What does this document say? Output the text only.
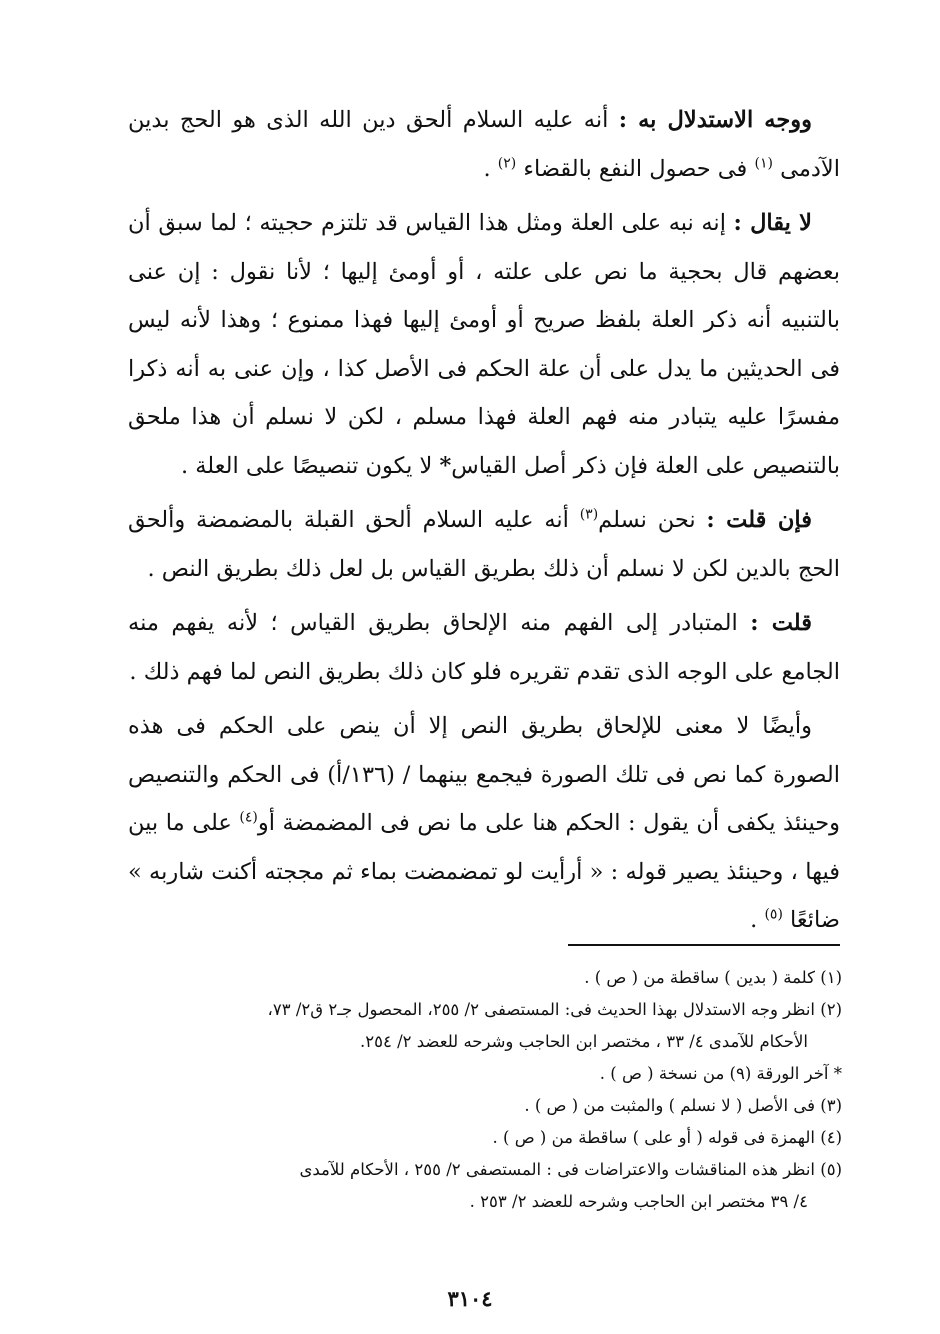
ووجه الاستدلال به : أنه عليه السلام ألحق دين الله الذى هو الحج بدين الآدمى $^{(١)}$ فى حصول النفع بالقضاء $^{(٢)}$ .

لا يقال : إنه نبه على العلة ومثل هذا القياس قد تلتزم حجيته ؛ لما سبق أن بعضهم قال بحجية ما نص على علته ، أو أومئ إليها ؛ لأنا نقول : إن عنى بالتنبيه أنه ذكر العلة بلفظ صريح أو أومئ إليها فهذا ممنوع ؛ وهذا لأنه ليس فى الحديثين ما يدل على أن علة الحكم فى الأصل كذا ، وإن عنى به أنه ذكرا مفسرًا عليه يتبادر منه فهم العلة فهذا مسلم ، لكن لا نسلم أن هذا ملحق بالتنصيص على العلة فإن ذكر أصل القياس* لا يكون تنصيصًا على العلة .

فإن قلت : نحن نسلم$^{(٣)}$ أنه عليه السلام ألحق القبلة بالمضمضة وألحق الحج بالدين لكن لا نسلم أن ذلك بطريق القياس بل لعل ذلك بطريق النص .

قلت : المتبادر إلى الفهم منه الإلحاق بطريق القياس ؛ لأنه يفهم منه الجامع على الوجه الذى تقدم تقريره فلو كان ذلك بطريق النص لما فهم ذلك .

وأيضًا لا معنى للإلحاق بطريق النص إلا أن ينص على الحكم فى هذه الصورة كما نص فى تلك الصورة فيجمع بينهما / (١٣٦/أ) فى الحكم والتنصيص وحينئذ يكفى أن يقول : الحكم هنا على ما نص فى المضمضة أو$^{(٤)}$ على ما بين فيها ، وحينئذ يصير قوله : « أرأيت لو تمضمضت بماء ثم مججته أكنت شاربه » ضائعًا $^{(٥)}$ .

(١) كلمة ( بدين ) ساقطة من ( ص ) .

(٢) انظر وجه الاستدلال بهذا الحديث فى: المستصفى ٢/ ٢٥٥، المحصول جـ٢ ق٢/ ٧٣،
الأحكام للآمدى ٤/ ٣٣ ، مختصر ابن الحاجب وشرحه للعضد ٢/ ٢٥٤.

* آخر الورقة (٩) من نسخة ( ص ) .

(٣) فى الأصل ( لا نسلم ) والمثبت من ( ص ) .

(٤) الهمزة فى قوله ( أو على ) ساقطة من ( ص ) .

(٥) انظر هذه المناقشات والاعتراضات فى : المستصفى ٢/ ٢٥٥ ، الأحكام للآمدى
٤/ ٣٩ مختصر ابن الحاجب وشرحه للعضد ٢/ ٢٥٣ .

٣١٠٤
